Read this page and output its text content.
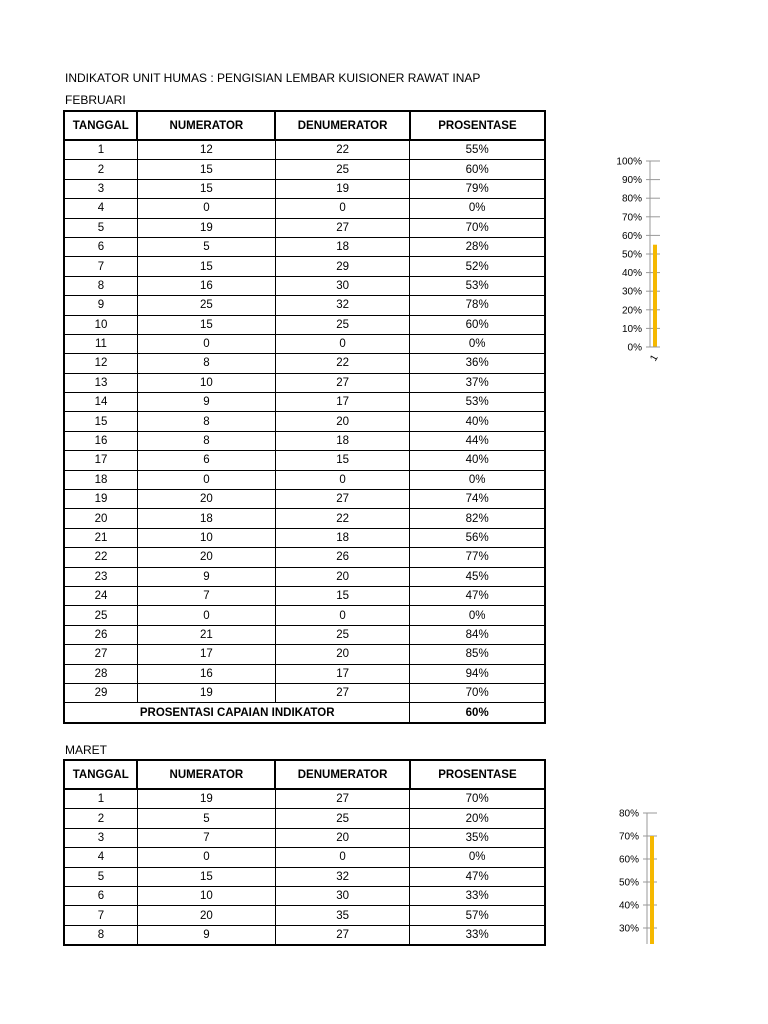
INDIKATOR UNIT HUMAS : PENGISIAN LEMBAR KUISIONER RAWAT INAP
FEBRUARI
TANGGAL	NUMERATOR	DENUMERATOR	PROSENTASE
1	12	22	55%
2	15	25	60%
3	15	19	79%
4	0	0	0%
5	19	27	70%
6	5	18	28%
7	15	29	52%
8	16	30	53%
9	25	32	78%
10	15	25	60%
11	0	0	0%
12	8	22	36%
13	10	27	37%
14	9	17	53%
15	8	20	40%
16	8	18	44%
17	6	15	40%
18	0	0	0%
19	20	27	74%
20	18	22	82%
21	10	18	56%
22	20	26	77%
23	9	20	45%
24	7	15	47%
25	0	0	0%
26	21	25	84%
27	17	20	85%
28	16	17	94%
29	19	27	70%
PROSENTASI CAPAIAN INDIKATOR			60%
MARET
TANGGAL	NUMERATOR	DENUMERATOR	PROSENTASE
1	19	27	70%
2	5	25	20%
3	7	20	35%
4	0	0	0%
5	15	32	47%
6	10	30	33%
7	20	35	57%
8	9	27	33%
0%
10%
20%
30%
40%
50%
60%
70%
80%
90%
100%
1
30%
40%
50%
60%
70%
80%
